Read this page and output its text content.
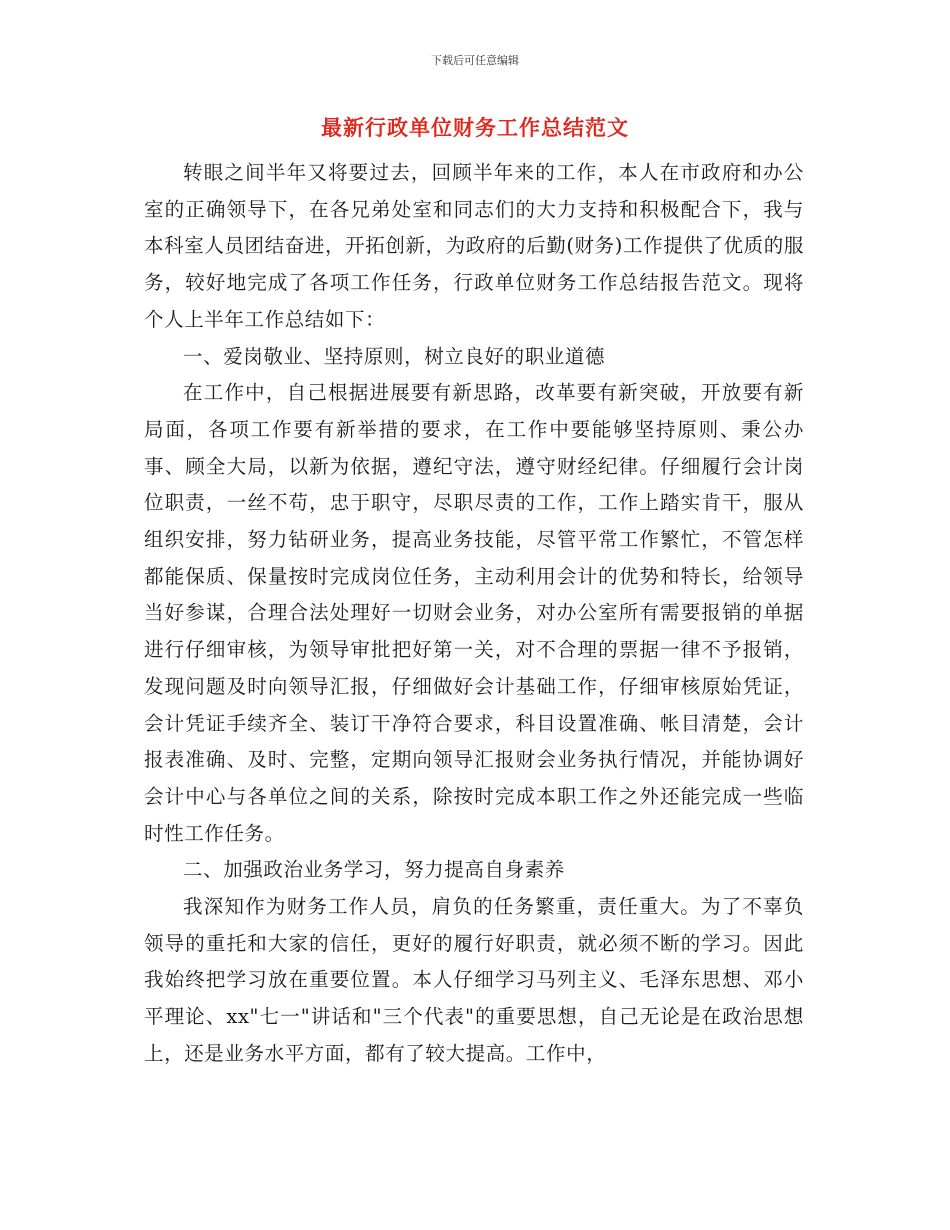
下载后可任意编辑
最新行政单位财务工作总结范文

转眼之间半年又将要过去，回顾半年来的工作，本人在市政府和办公室的正确领导下，在各兄弟处室和同志们的大力支持和积极配合下，我与本科室人员团结奋进，开拓创新，为政府的后勤(财务)工作提供了优质的服务，较好地完成了各项工作任务，行政单位财务工作总结报告范文。现将个人上半年工作总结如下：

一、爱岗敬业、坚持原则，树立良好的职业道德

在工作中，自己根据进展要有新思路，改革要有新突破，开放要有新局面，各项工作要有新举措的要求，在工作中要能够坚持原则、秉公办事、顾全大局，以新为依据，遵纪守法，遵守财经纪律。仔细履行会计岗位职责，一丝不苟，忠于职守，尽职尽责的工作，工作上踏实肯干，服从组织安排，努力钻研业务，提高业务技能，尽管平常工作繁忙，不管怎样都能保质、保量按时完成岗位任务，主动利用会计的优势和特长，给领导当好参谋，合理合法处理好一切财会业务，对办公室所有需要报销的单据进行仔细审核，为领导审批把好第一关，对不合理的票据一律不予报销，发现问题及时向领导汇报，仔细做好会计基础工作，仔细审核原始凭证，会计凭证手续齐全、装订干净符合要求，科目设置准确、帐目清楚，会计报表准确、及时、完整，定期向领导汇报财会业务执行情况，并能协调好会计中心与各单位之间的关系，除按时完成本职工作之外还能完成一些临时性工作任务。

二、加强政治业务学习，努力提高自身素养

我深知作为财务工作人员，肩负的任务繁重，责任重大。为了不辜负领导的重托和大家的信任，更好的履行好职责，就必须不断的学习。因此我始终把学习放在重要位置。本人仔细学习马列主义、毛泽东思想、邓小平理论、xx"七一"讲话和"三个代表"的重要思想，自己无论是在政治思想上，还是业务水平方面，都有了较大提高。工作中，
